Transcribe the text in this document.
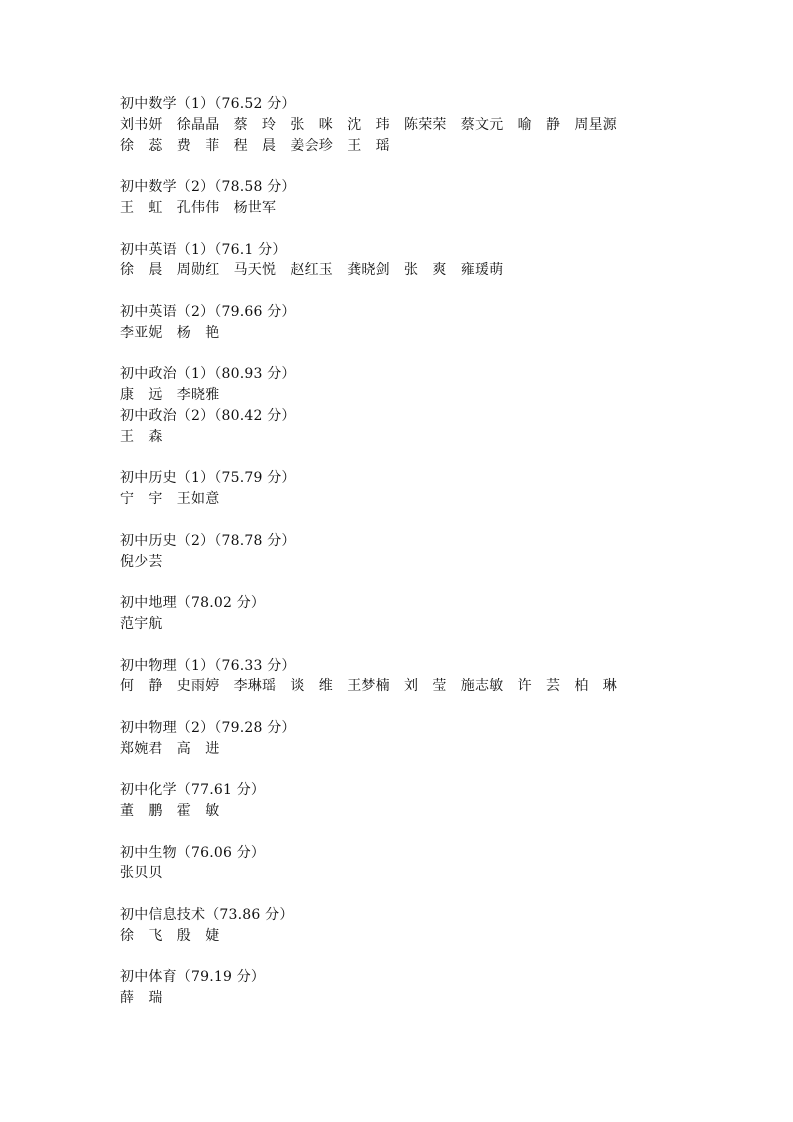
初中数学（1）（76.52 分）
刘书妍　徐晶晶　蔡　玲　张　咪　沈　玮　陈荣荣　蔡文元　喻　静　周星源
徐　蕊　费　菲　程　晨　姜会珍　王　瑶
初中数学（2）（78.58 分）
王　虹　孔伟伟　杨世军
初中英语（1）（76.1 分）
徐　晨　周勋红　马天悦　赵红玉　龚晓剑　张　爽　雍瑗萌
初中英语（2）（79.66 分）
李亚妮　杨　艳
初中政治（1）（80.93 分）
康　远　李晓雅
初中政治（2）（80.42 分）
王　森
初中历史（1）（75.79 分）
宁　宇　王如意
初中历史（2）（78.78 分）
倪少芸
初中地理（78.02 分）
范宇航
初中物理（1）（76.33 分）
何　静　史雨婷　李琳瑶　谈　维　王梦楠　刘　莹　施志敏　许　芸　柏　琳
初中物理（2）（79.28 分）
郑婉君　高　进
初中化学（77.61 分）
董　鹏　霍　敏
初中生物（76.06 分）
张贝贝
初中信息技术（73.86 分）
徐　飞　殷　婕
初中体育（79.19 分）
薛　瑞
